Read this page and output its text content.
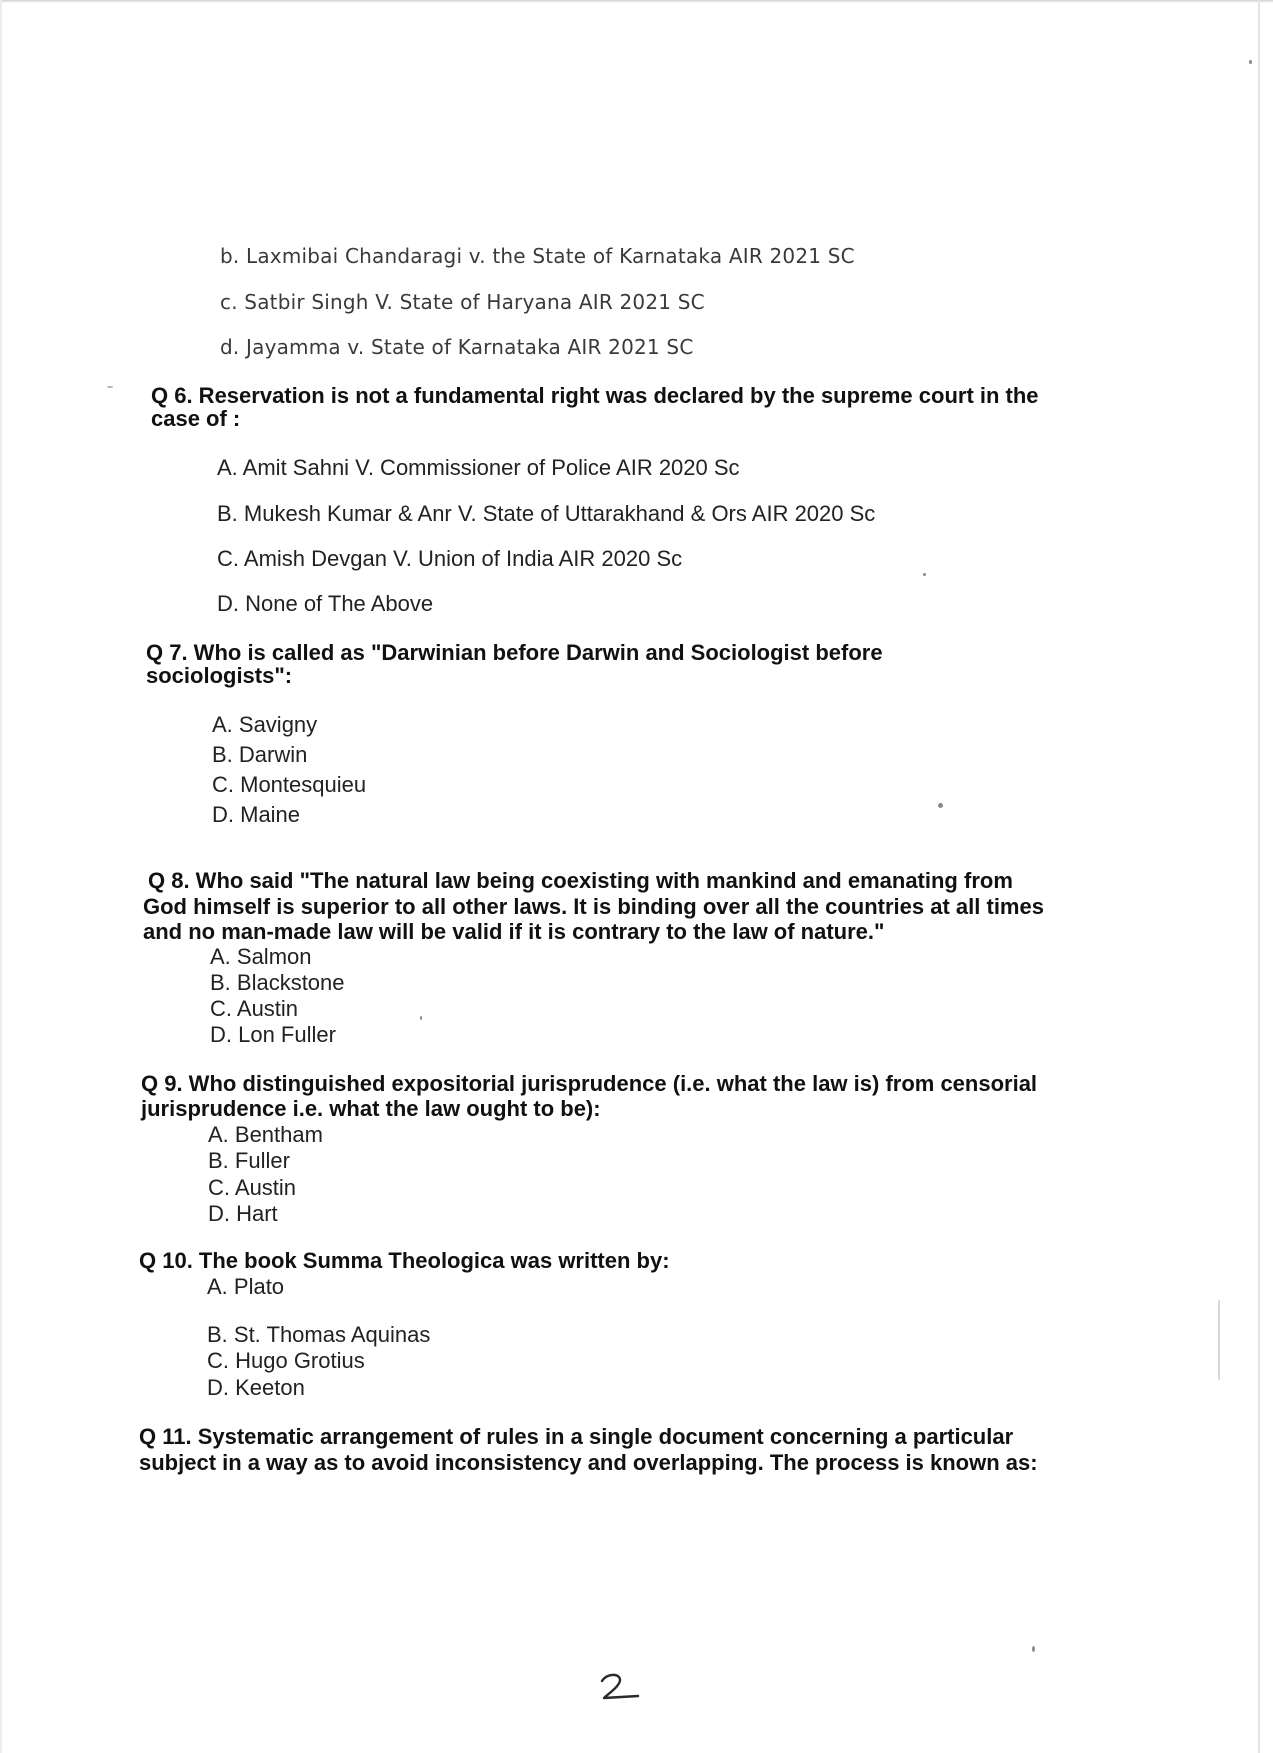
b. Laxmibai Chandaragi v. the State of Karnataka AIR 2021 SC
c. Satbir Singh V. State of Haryana AIR 2021 SC
d. Jayamma v. State of Karnataka AIR 2021 SC
Q 6. Reservation is not a fundamental right was declared by the supreme court in the
case of :
A. Amit Sahni V. Commissioner of Police AIR 2020 Sc
B. Mukesh Kumar & Anr V. State of Uttarakhand & Ors AIR 2020 Sc
C. Amish Devgan V. Union of India AIR 2020 Sc
D. None of The Above
Q 7. Who is called as "Darwinian before Darwin and Sociologist before
sociologists":
A. Savigny
B. Darwin
C. Montesquieu
D. Maine
Q 8. Who said "The natural law being coexisting with mankind and emanating from
God himself is superior to all other laws. It is binding over all the countries at all times
and no man-made law will be valid if it is contrary to the law of nature."
A. Salmon
B. Blackstone
C. Austin
D. Lon Fuller
Q 9. Who distinguished expositorial jurisprudence (i.e. what the law is) from censorial
jurisprudence i.e. what the law ought to be):
A. Bentham
B. Fuller
C. Austin
D. Hart
Q 10. The book Summa Theologica was written by:
A. Plato
B. St. Thomas Aquinas
C. Hugo Grotius
D. Keeton
Q 11. Systematic arrangement of rules in a single document concerning a particular
subject in a way as to avoid inconsistency and overlapping. The process is known as:
